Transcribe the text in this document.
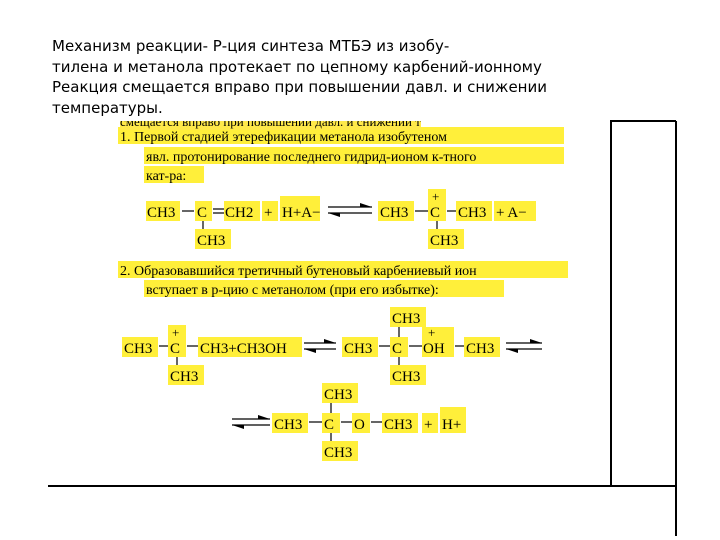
Механизм реакции- Р-ция синтеза МТБЭ из изобу-
тилена и метанола протекает по цепному карбений-ионному
Реакция смещается вправо при повышении давл. и снижении
температуры.
смещается вправо при повышении давл. и снижении т
1. Первой стадией этерефикации метанола изобутеном
явл. протонирование последнего гидрид-ионом к-тного
кат-ра:
CH3 C CH2 + H+A−
CH3
CH3
+
C CH3 + A−
CH3
2. Образовавшийся третичный бутеновый карбениевый ион
вступает в р-цию с метанолом (при его избытке):
CH3
+
C CH3+CH3OH
CH3
CH3
CH3 C
+
OH CH3
CH3
CH3
CH3 C O CH3 + H+
CH3
